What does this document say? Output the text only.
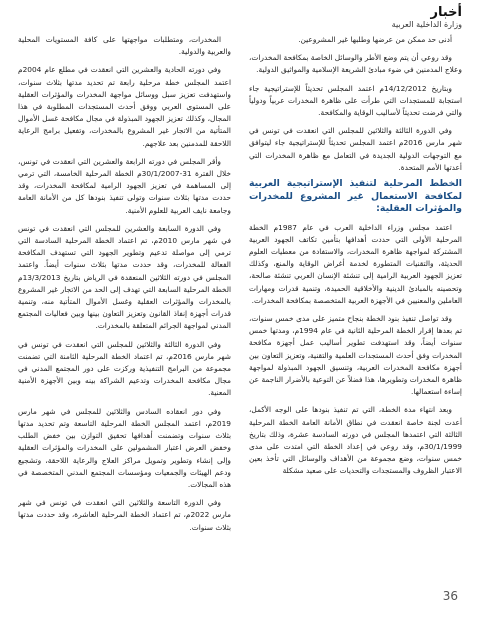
أخبار
وزارة الداخلية العربية

أدنى حد ممكن من عرضها وطلبها غير المشروعين.

وقد روعي أن يتم وضع الأطر والوسائل الخاصة بمكافحة المخدرات، وعلاج المدمنين في ضوء مبادئ الشريعة الإسلامية والمواثيق الدولية.

وبتاريخ 14/12/2012م اعتمد المجلس تحديثاً للإستراتيجية جاء استجابة للمستجدات التي طرأت على ظاهرة المخدرات عربياً ودولياً والتي فرضت تحديثاً لأساليب الوقاية والمكافحة.

وفي الدورة الثالثة والثلاثين للمجلس التي انعقدت في تونس في شهر مارس 2016م اعتمد المجلس تحديثاً للإستراتيجية جاء ليتوافق مع التوجهات الدولية الجديدة في التعامل مع ظاهرة المخدرات التي أعدتها الأمم المتحدة.

الخطط المرحلية لتنفيذ الإستراتيجية العربية لمكافحة الاستعمال غير المشروع للمخدرات والمؤثرات العقلية:

اعتمد مجلس وزراء الداخلية العرب في عام 1987م الخطة المرحلية الأولى التي حددت أهدافها بتأمين تكاتف الجهود العربية المشتركة لمواجهة ظاهرة المخدرات، والاستفادة من معطيات العلوم الحديثة، والتقنيات المتطورة لخدمة أغراض الوقاية والمنع، وكذلك تعزيز الجهود العربية الرامية إلى تنشئة الإنسان العربي تنشئة صالحة، وتحصينه بالمبادئ الدينية والأخلاقية الحميدة، وتنمية قدرات ومهارات العاملين والمعنيين في الأجهزة العربية المتخصصة بمكافحة المخدرات.

وقد تواصل تنفيذ بنود الخطة بنجاح متميز على مدى خمس سنوات، تم بعدها إقرار الخطة المرحلية الثانية في عام 1994م، ومدتها خمس سنوات أيضاً، وقد استهدفت تطوير أساليب عمل أجهزة مكافحة المخدرات وفق أحدث المستجدات العلمية والتقنية، وتعزيز التعاون بين أجهزة مكافحة المخدرات العربية، وتنسيق الجهود المبذولة لمواجهة ظاهرة المخدرات وتطويرها، هذا فضلاً عن التوعية بالأضرار الناجمة عن إساءة استعمالها.

وبعد انتهاء مدة الخطة، التي تم تنفيذ بنودها على الوجه الأكمل، أعدت لجنة خاصة انعقدت في نطاق الأمانة العامة الخطة المرحلية الثالثة التي اعتمدها المجلس في دورته السادسة عشرة، وذلك بتاريخ 30/1/1999م، وقد روعي في إعداد الخطة التي امتدت على مدى خمس سنوات، وضع مجموعة من الأهداف والوسائل التي تأخذ بعين الاعتبار الظروف والمستجدات والتحديات على صعيد مشكلة

المخدرات، ومتطلبات مواجهتها على كافة المستويات المحلية والعربية والدولية.

وفي دورته الحادية والعشرين التي انعقدت في مطلع عام 2004م اعتمد المجلس خطة مرحلية رابعة تم تحديد مدتها بثلاث سنوات، واستهدفت تعزيز سبل ووسائل مواجهة المخدرات والمؤثرات العقلية على المستوى العربي ووفق أحدث المستجدات المطلوبة في هذا المجال، وكذلك تعزيز الجهود المبذولة في مجال مكافحة غسل الأموال المتأتية من الاتجار غير المشروع بالمخدرات، وتفعيل برامج الرعاية اللاحقة للمدمنين بعد علاجهم.

وأقر المجلس في دورته الرابعة والعشرين التي انعقدت في تونس، خلال الفترة 31-30/1/2007م الخطة المرحلية الخامسة، التي ترمي إلى المساهمة في تعزيز الجهود الرامية لمكافحة المخدرات، وقد حددت مدتها بثلاث سنوات وتولى تنفيذ بنودها كل من الأمانة العامة وجامعة نايف العربية للعلوم الأمنية.

وفي الدورة السابعة والعشرين للمجلس التي انعقدت في تونس في شهر مارس 2010م، تم اعتماد الخطة المرحلية السادسة التي ترمي إلى مواصلة تدعيم وتطوير الجهود التي تستهدف المكافحة الفعالة للمخدرات، وقد حددت مدتها بثلاث سنوات أيضاً. واعتمد المجلس في دورته الثلاثين المنعقدة في الرياض بتاريخ 13/3/2013م الخطة المرحلية السابعة التي تهدف إلى الحد من الاتجار غير المشروع بالمخدرات والمؤثرات العقلية وغسل الأموال المتأتية منه، وتنمية قدرات أجهزة إنفاذ القانون وتعزيز التعاون بينها وبين فعاليات المجتمع المدني لمواجهة الجرائم المتعلقة بالمخدرات.

وفي الدورة الثالثة والثلاثين للمجلس التي انعقدت في تونس في شهر مارس 2016م، تم اعتماد الخطة المرحلية الثامنة التي تضمنت مجموعة من البرامج التنفيذية وركزت على دور المجتمع المدني في مجال مكافحة المخدرات وتدعيم الشراكة بينه وبين الأجهزة الأمنية المعنية.

وفي دور انعقاده السادس والثلاثين للمجلس في شهر مارس 2019م، اعتمد المجلس الخطة المرحلية التاسعة وتم تحديد مدتها بثلاث سنوات وتضمنت أهدافها تحقيق التوازن بين خفض الطلب وخفض العرض اعتبار المشمولين على المخدرات والمؤثرات العقلية وإلى إنشاء وتطوير وتمويل مراكز العلاج والرعاية اللاحقة، وتشجيع ودعم الهيئات والجمعيات ومؤسسات المجتمع المدني المتخصصة في هذه المجالات.

وفي الدورة التاسعة والثلاثين التي انعقدت في تونس في شهر مارس 2022م، تم اعتماد الخطة المرحلية العاشرة، وقد حددت مدتها بثلاث سنوات.

36
